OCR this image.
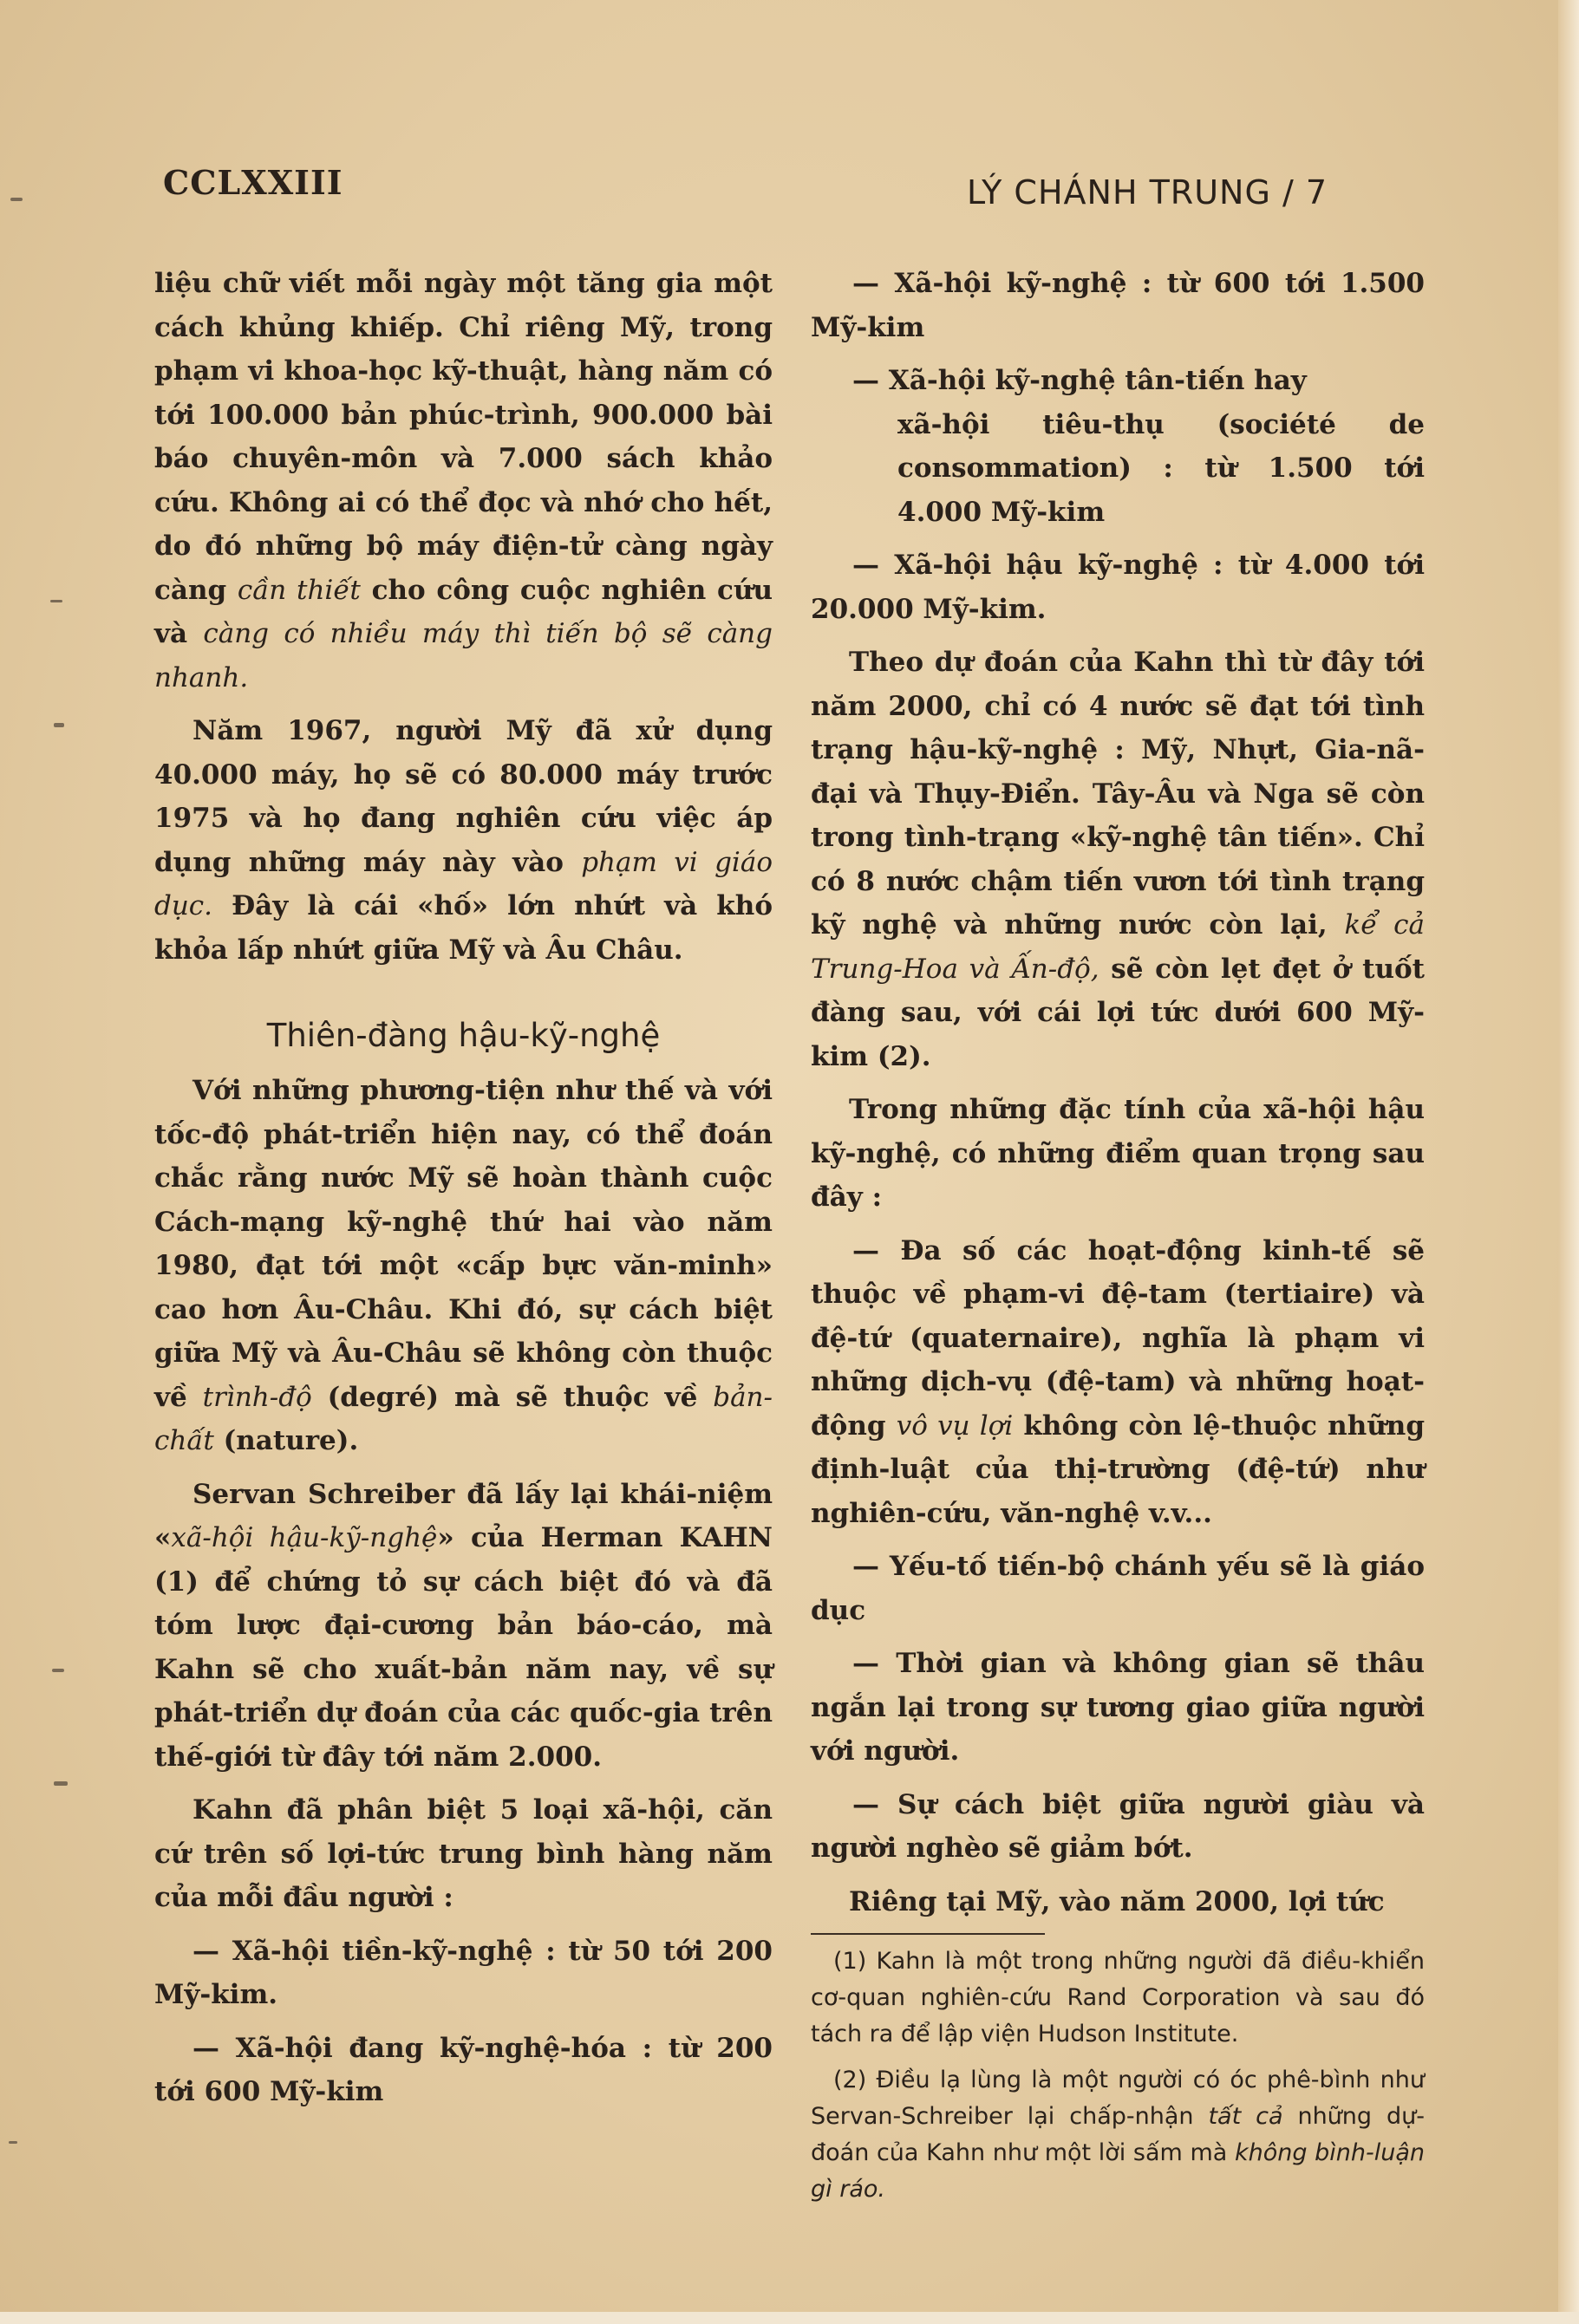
CCLXXIII	LÝ CHÁNH TRUNG / 7

liệu chữ viết mỗi ngày một tăng gia một cách khủng khiếp. Chỉ riêng Mỹ, trong phạm vi khoa-học kỹ-thuật, hàng năm có tới 100.000 bản phúc-trình, 900.000 bài báo chuyên-môn và 7.000 sách khảo cứu. Không ai có thể đọc và nhớ cho hết, do đó những bộ máy điện-tử càng ngày càng cần thiết cho công cuộc nghiên cứu và càng có nhiều máy thì tiến bộ sẽ càng nhanh.

Năm 1967, người Mỹ đã xử dụng 40.000 máy, họ sẽ có 80.000 máy trước 1975 và họ đang nghiên cứu việc áp dụng những máy này vào phạm vi giáo dục. Đây là cái «hố» lớn nhứt và khó khỏa lấp nhứt giữa Mỹ và Âu Châu.

Thiên-đàng hậu-kỹ-nghệ

Với những phương-tiện như thế và với tốc-độ phát-triển hiện nay, có thể đoán chắc rằng nước Mỹ sẽ hoàn thành cuộc Cách-mạng kỹ-nghệ thứ hai vào năm 1980, đạt tới một «cấp bực văn-minh» cao hơn Âu-Châu. Khi đó, sự cách biệt giữa Mỹ và Âu-Châu sẽ không còn thuộc về trình-độ (degré) mà sẽ thuộc về bản-chất (nature).

Servan Schreiber đã lấy lại khái-niệm «xã-hội hậu-kỹ-nghệ» của Herman KAHN (1) để chứng tỏ sự cách biệt đó và đã tóm lược đại-cương bản báo-cáo, mà Kahn sẽ cho xuất-bản năm nay, về sự phát-triển dự đoán của các quốc-gia trên thế-giới từ đây tới năm 2.000.

Kahn đã phân biệt 5 loại xã-hội, căn cứ trên số lợi-tức trung bình hàng năm của mỗi đầu người :

— Xã-hội tiền-kỹ-nghệ : từ 50 tới 200 Mỹ-kim.

— Xã-hội đang kỹ-nghệ-hóa : từ 200 tới 600 Mỹ-kim

— Xã-hội kỹ-nghệ : từ 600 tới 1.500 Mỹ-kim

— Xã-hội kỹ-nghệ tân-tiến hay

xã-hội tiêu-thụ (société de consommation) : từ 1.500 tới 4.000 Mỹ-kim

— Xã-hội hậu kỹ-nghệ : từ 4.000 tới 20.000 Mỹ-kim.

Theo dự đoán của Kahn thì từ đây tới năm 2000, chỉ có 4 nước sẽ đạt tới tình trạng hậu-kỹ-nghệ : Mỹ, Nhựt, Gia-nã-đại và Thụy-Điển. Tây-Âu và Nga sẽ còn trong tình-trạng «kỹ-nghệ tân tiến». Chỉ có 8 nước chậm tiến vươn tới tình trạng kỹ nghệ và những nước còn lại, kể cả Trung-Hoa và Ấn-độ, sẽ còn lẹt đẹt ở tuốt đàng sau, với cái lợi tức dưới 600 Mỹ-kim (2).

Trong những đặc tính của xã-hội hậu kỹ-nghệ, có những điểm quan trọng sau đây :

— Đa số các hoạt-động kinh-tế sẽ thuộc về phạm-vi đệ-tam (tertiaire) và đệ-tứ (quaternaire), nghĩa là phạm vi những dịch-vụ (đệ-tam) và những hoạt-động vô vụ lợi không còn lệ-thuộc những định-luật của thị-trường (đệ-tứ) như nghiên-cứu, văn-nghệ v.v...

— Yếu-tố tiến-bộ chánh yếu sẽ là giáo dục

— Thời gian và không gian sẽ thâu ngắn lại trong sự tương giao giữa người với người.

— Sự cách biệt giữa người giàu và người nghèo sẽ giảm bớt.

Riêng tại Mỹ, vào năm 2000, lợi tức

(1) Kahn là một trong những người đã điều-khiển cơ-quan nghiên-cứu Rand Corporation và sau đó tách ra để lập viện Hudson Institute.

(2) Điều lạ lùng là một người có óc phê-bình như Servan-Schreiber lại chấp-nhận tất cả những dự-đoán của Kahn như một lời sấm mà không bình-luận gì ráo.
